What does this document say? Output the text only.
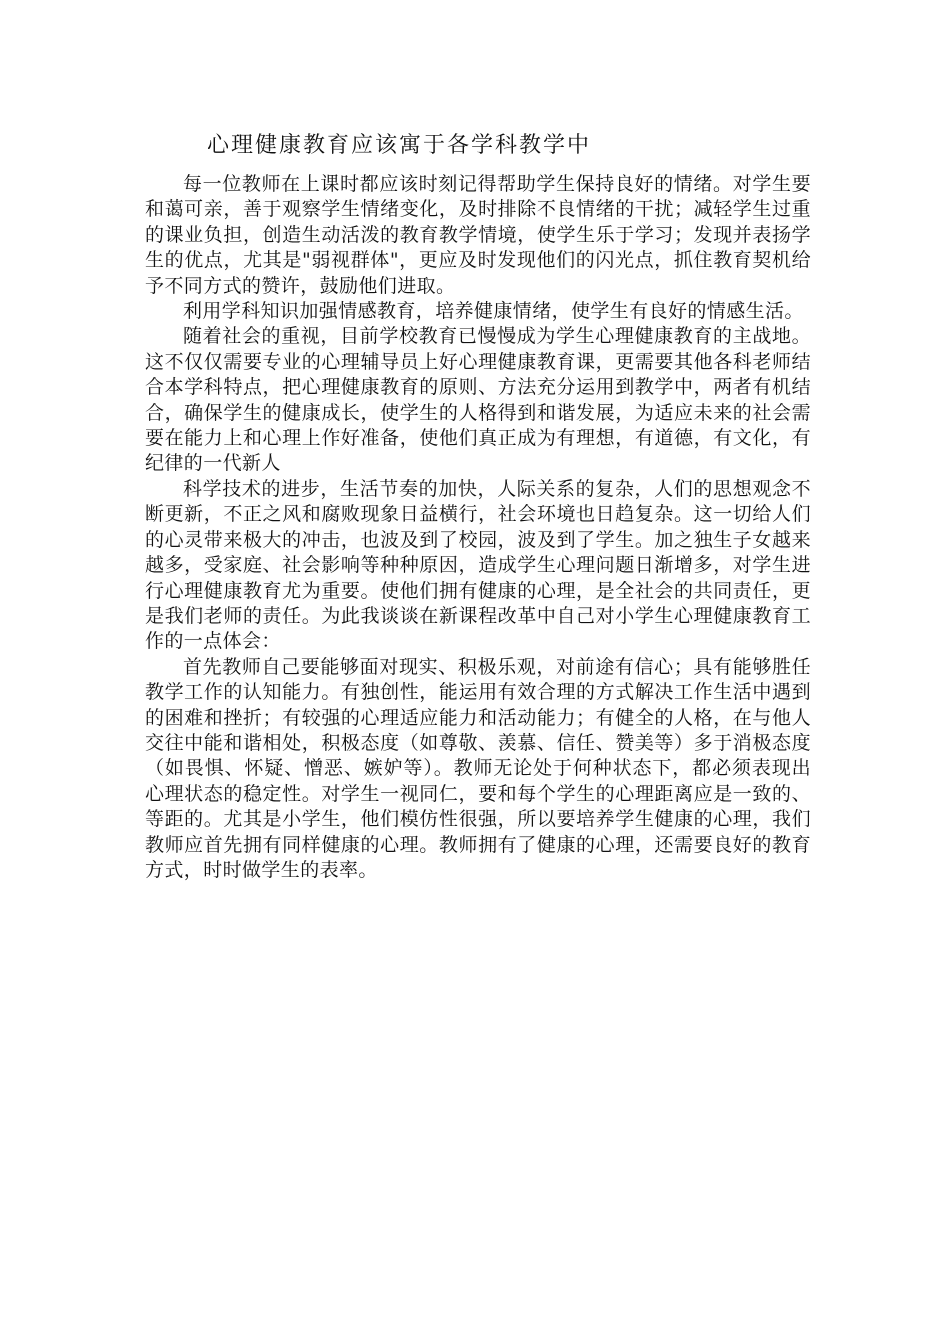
心理健康教育应该寓于各学科教学中

每一位教师在上课时都应该时刻记得帮助学生保持良好的情绪。对学生要和蔼可亲，善于观察学生情绪变化，及时排除不良情绪的干扰；减轻学生过重的课业负担，创造生动活泼的教育教学情境，使学生乐于学习；发现并表扬学生的优点，尤其是"弱视群体"，更应及时发现他们的闪光点，抓住教育契机给予不同方式的赞许，鼓励他们进取。

利用学科知识加强情感教育，培养健康情绪，使学生有良好的情感生活。

随着社会的重视，目前学校教育已慢慢成为学生心理健康教育的主战地。这不仅仅需要专业的心理辅导员上好心理健康教育课，更需要其他各科老师结合本学科特点，把心理健康教育的原则、方法充分运用到教学中，两者有机结合，确保学生的健康成长，使学生的人格得到和谐发展，为适应未来的社会需要在能力上和心理上作好准备，使他们真正成为有理想，有道德，有文化，有纪律的一代新人

科学技术的进步，生活节奏的加快，人际关系的复杂，人们的思想观念不断更新，不正之风和腐败现象日益横行，社会环境也日趋复杂。这一切给人们的心灵带来极大的冲击，也波及到了校园，波及到了学生。加之独生子女越来越多，受家庭、社会影响等种种原因，造成学生心理问题日渐增多，对学生进行心理健康教育尤为重要。使他们拥有健康的心理，是全社会的共同责任，更是我们老师的责任。为此我谈谈在新课程改革中自己对小学生心理健康教育工作的一点体会：

首先教师自己要能够面对现实、积极乐观，对前途有信心；具有能够胜任教学工作的认知能力。有独创性，能运用有效合理的方式解决工作生活中遇到的困难和挫折；有较强的心理适应能力和活动能力；有健全的人格，在与他人交往中能和谐相处，积极态度（如尊敬、羡慕、信任、赞美等）多于消极态度（如畏惧、怀疑、憎恶、嫉妒等）。教师无论处于何种状态下，都必须表现出心理状态的稳定性。对学生一视同仁，要和每个学生的心理距离应是一致的、等距的。尤其是小学生，他们模仿性很强，所以要培养学生健康的心理，我们教师应首先拥有同样健康的心理。教师拥有了健康的心理，还需要良好的教育方式，时时做学生的表率。
